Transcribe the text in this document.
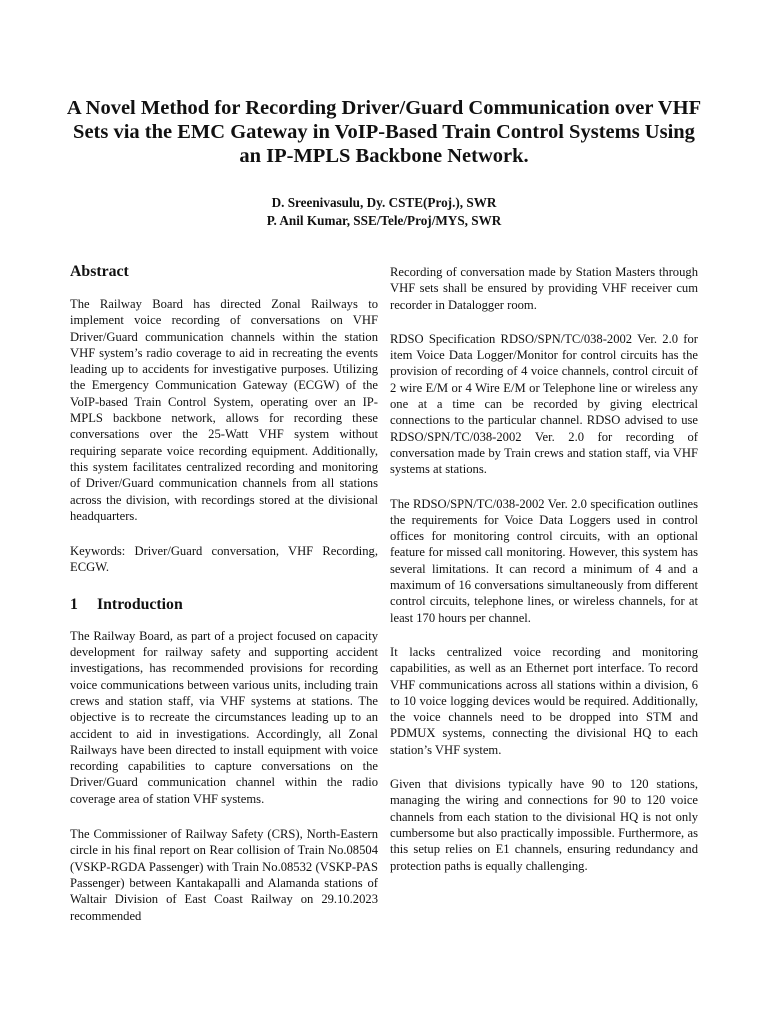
A Novel Method for Recording Driver/Guard Communication over VHF Sets via the EMC Gateway in VoIP-Based Train Control Systems Using an IP-MPLS Backbone Network.
D. Sreenivasulu, Dy. CSTE(Proj.), SWR
P. Anil Kumar, SSE/Tele/Proj/MYS, SWR
Abstract

The Railway Board has directed Zonal Railways to implement voice recording of conversations on VHF Driver/Guard communication channels within the station VHF system’s radio coverage to aid in recreating the events leading up to accidents for investigative purposes. Utilizing the Emergency Communication Gateway (ECGW) of the VoIP-based Train Control System, operating over an IP-MPLS backbone network, allows for recording these conversations over the 25-Watt VHF system without requiring separate voice recording equipment. Additionally, this system facilitates centralized recording and monitoring of Driver/Guard communication channels from all stations across the division, with recordings stored at the divisional headquarters.

Keywords: Driver/Guard conversation, VHF Recording, ECGW.

1 Introduction

The Railway Board, as part of a project focused on capacity development for railway safety and supporting accident investigations, has recommended provisions for recording voice communications between various units, including train crews and station staff, via VHF systems at stations. The objective is to recreate the circumstances leading up to an accident to aid in investigations. Accordingly, all Zonal Railways have been directed to install equipment with voice recording capabilities to capture conversations on the Driver/Guard communication channel within the radio coverage area of station VHF systems.

The Commissioner of Railway Safety (CRS), North-Eastern circle in his final report on Rear collision of Train No.08504 (VSKP-RGDA Passenger) with Train No.08532 (VSKP-PAS Passenger) between Kantakapalli and Alamanda stations of Waltair Division of East Coast Railway on 29.10.2023 recommended

Recording of conversation made by Station Masters through VHF sets shall be ensured by providing VHF receiver cum recorder in Datalogger room.

RDSO Specification RDSO/SPN/TC/038-2002 Ver. 2.0 for item Voice Data Logger/Monitor for control circuits has the provision of recording of 4 voice channels, control circuit of 2 wire E/M or 4 Wire E/M or Telephone line or wireless any one at a time can be recorded by giving electrical connections to the particular channel. RDSO advised to use RDSO/SPN/TC/038-2002 Ver. 2.0 for recording of conversation made by Train crews and station staff, via VHF systems at stations.

The RDSO/SPN/TC/038-2002 Ver. 2.0 specification outlines the requirements for Voice Data Loggers used in control offices for monitoring control circuits, with an optional feature for missed call monitoring. However, this system has several limitations. It can record a minimum of 4 and a maximum of 16 conversations simultaneously from different control circuits, telephone lines, or wireless channels, for at least 170 hours per channel.

It lacks centralized voice recording and monitoring capabilities, as well as an Ethernet port interface. To record VHF communications across all stations within a division, 6 to 10 voice logging devices would be required. Additionally, the voice channels need to be dropped into STM and PDMUX systems, connecting the divisional HQ to each station’s VHF system.

Given that divisions typically have 90 to 120 stations, managing the wiring and connections for 90 to 120 voice channels from each station to the divisional HQ is not only cumbersome but also practically impossible. Furthermore, as this setup relies on E1 channels, ensuring redundancy and protection paths is equally challenging.
